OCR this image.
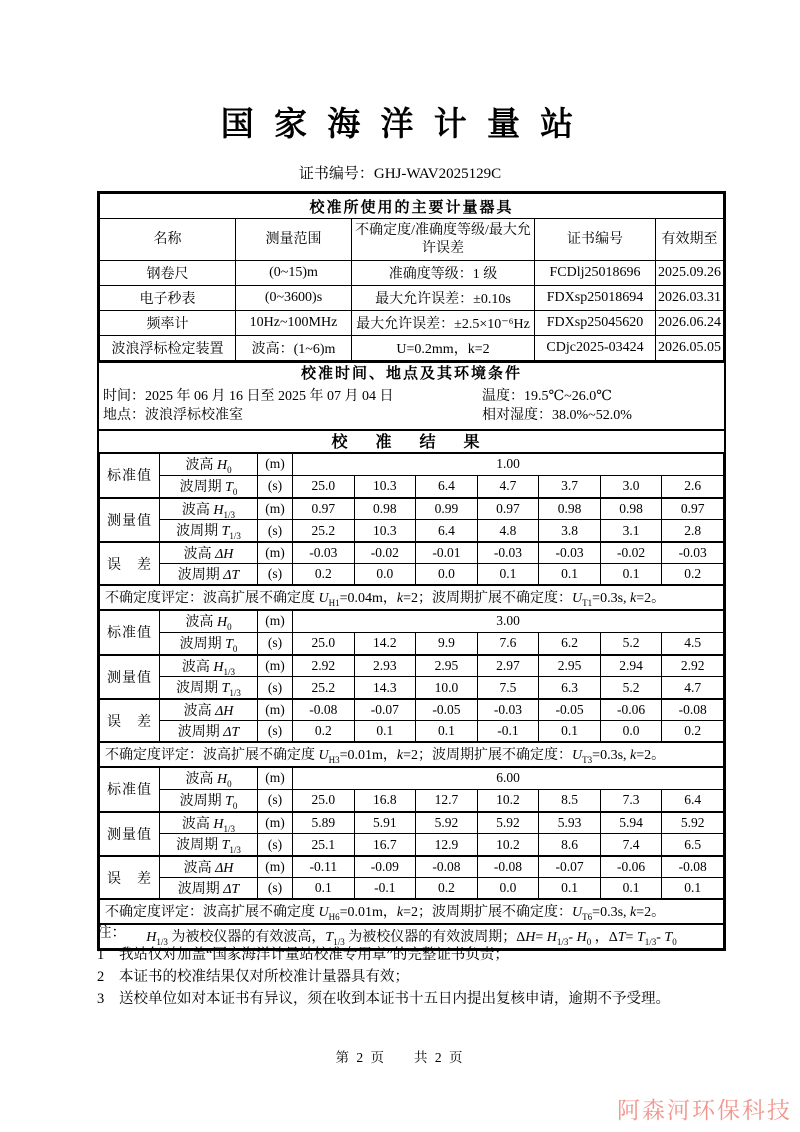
国 家 海 洋 计 量 站
证书编号：GHJ-WAV2025129C
校准所使用的主要计量器具				
名称	测量范围	不确定度/准确度等级/最大允许误差	证书编号	有效期至
钢卷尺	(0~15)m	准确度等级：1 级	FCDlj25018696	2025.09.26
电子秒表	(0~3600)s	最大允许误差：±0.10s	FDXsp25018694	2026.03.31
频率计	10Hz~100MHz	最大允许误差：±2.5×10⁻⁶Hz	FDXsp25045620	2026.06.24
波浪浮标检定装置	波高：(1~6)m	U=0.2mm，k=2	CDjc2025-03424	2026.05.05
校准时间、地点及其环境条件
时间：2025 年 06 月 16 日至 2025 年 07 月 04 日	温度：19.5℃~26.0℃
地点：波浪浮标校准室	相对湿度：38.0%~52.0%
校 准 结 果
标准值	波高 $H_0$	(m)	1.00						
	波周期 $T_0$	(s)	25.0	10.3	6.4	4.7	3.7	3.0	2.6
测量值	波高 $H_{1/3}$	(m)	0.97	0.98	0.99	0.97	0.98	0.98	0.97
	波周期 $T_{1/3}$	(s)	25.2	10.3	6.4	4.8	3.8	3.1	2.8
误　差	波高 ΔH	(m)	-0.03	-0.02	-0.01	-0.03	-0.03	-0.02	-0.03
	波周期 ΔT	(s)	0.2	0.0	0.0	0.1	0.1	0.1	0.2
不确定度评定：波高扩展不确定度 $U_{H1}=0.04m$，k=2；波周期扩展不确定度：$U_{T1}=0.3s$, k=2。									
标准值	波高 $H_0$	(m)	3.00						
	波周期 $T_0$	(s)	25.0	14.2	9.9	7.6	6.2	5.2	4.5
测量值	波高 $H_{1/3}$	(m)	2.92	2.93	2.95	2.97	2.95	2.94	2.92
	波周期 $T_{1/3}$	(s)	25.2	14.3	10.0	7.5	6.3	5.2	4.7
误　差	波高 ΔH	(m)	-0.08	-0.07	-0.05	-0.03	-0.05	-0.06	-0.08
	波周期 ΔT	(s)	0.2	0.1	0.1	-0.1	0.1	0.0	0.2
不确定度评定：波高扩展不确定度 $U_{H3}=0.01m$，k=2；波周期扩展不确定度：$U_{T3}=0.3s$, k=2。									
标准值	波高 $H_0$	(m)	6.00						
	波周期 $T_0$	(s)	25.0	16.8	12.7	10.2	8.5	7.3	6.4
测量值	波高 $H_{1/3}$	(m)	5.89	5.91	5.92	5.92	5.93	5.94	5.92
	波周期 $T_{1/3}$	(s)	25.1	16.7	12.9	10.2	8.6	7.4	6.5
误　差	波高 ΔH	(m)	-0.11	-0.09	-0.08	-0.08	-0.07	-0.06	-0.08
	波周期 ΔT	(s)	0.1	-0.1	0.2	0.0	0.1	0.1	0.1
不确定度评定：波高扩展不确定度 $U_{H6}=0.01m$，k=2；波周期扩展不确定度：$U_{T6}=0.3s$, k=2。									
$H_{1/3}$ 为被校仪器的有效波高，$T_{1/3}$ 为被校仪器的有效波周期；$\Delta H= H_{1/3}-$ $H_0$ ，$\Delta T= T_{1/3}-$ $T_0$
注：
1	我站仅对加盖“国家海洋计量站校准专用章”的完整证书负责；
2	本证书的校准结果仅对所校准计量器具有效；
3	送校单位如对本证书有异议，须在收到本证书十五日内提出复核申请，逾期不予受理。
第 2 页 共 2 页
阿森河环保科技
